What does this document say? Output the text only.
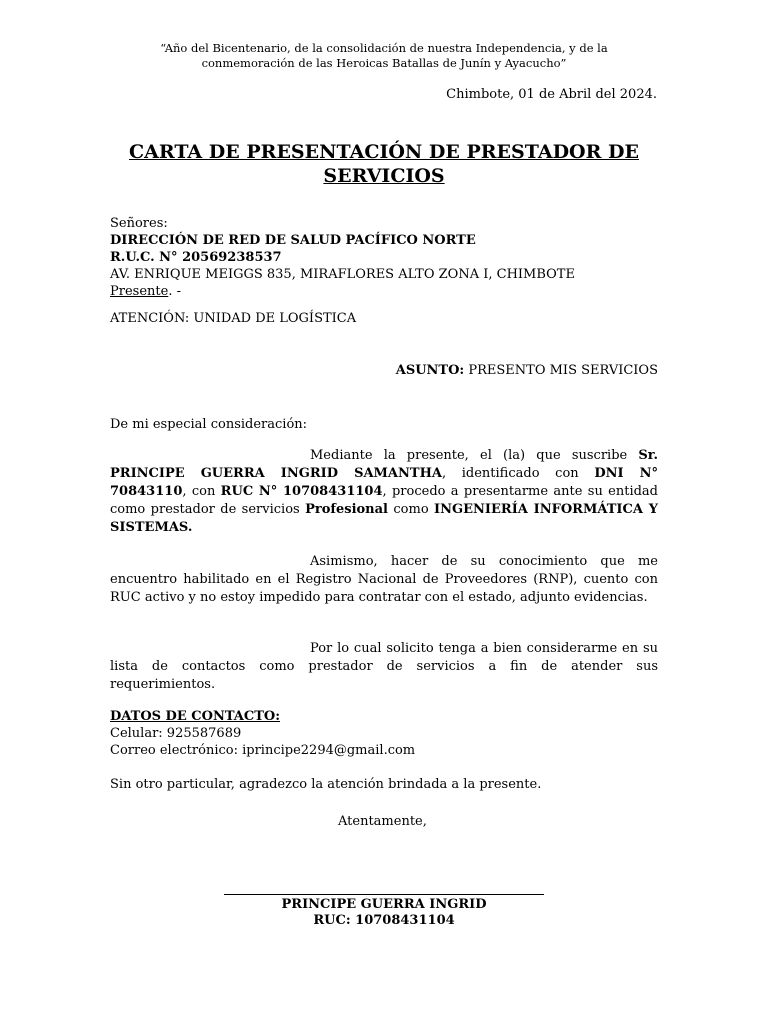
“Año del Bicentenario, de la consolidación de nuestra Independencia, y de la
conmemoración de las Heroicas Batallas de Junín y Ayacucho”
Chimbote, 01 de Abril del 2024.
CARTA DE PRESENTACIÓN DE PRESTADOR DE
SERVICIOS
Señores:
DIRECCIÓN DE RED DE SALUD PACÍFICO NORTE
R.U.C. N° 20569238537
AV. ENRIQUE MEIGGS 835, MIRAFLORES ALTO ZONA I, CHIMBOTE
Presente. -
ATENCIÓN: UNIDAD DE LOGÍSTICA
ASUNTO: PRESENTO MIS SERVICIOS
De mi especial consideración:
Mediante la presente, el (la) que suscribe Sr. PRINCIPE GUERRA INGRID SAMANTHA, identificado con DNI N° 70843110, con RUC N° 10708431104, procedo a presentarme ante su entidad como prestador de servicios Profesional como INGENIERÍA INFORMÁTICA Y SISTEMAS.
Asimismo, hacer de su conocimiento que me encuentro habilitado en el Registro Nacional de Proveedores (RNP), cuento con RUC activo y no estoy impedido para contratar con el estado, adjunto evidencias.
Por lo cual solicito tenga a bien considerarme en su lista de contactos como prestador de servicios a fin de atender sus requerimientos.
DATOS DE CONTACTO:
Celular: 925587689
Correo electrónico: iprincipe2294@gmail.com
Sin otro particular, agradezco la atención brindada a la presente.
Atentamente,
PRINCIPE GUERRA INGRID
RUC: 10708431104
